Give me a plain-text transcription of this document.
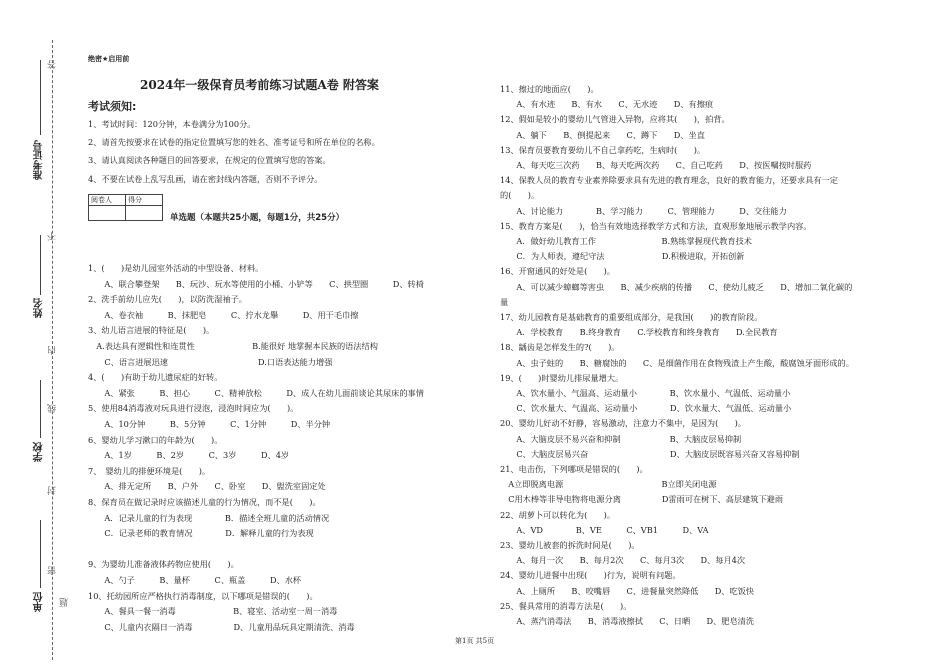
准考证号
姓名
学校
单位
答
不
内
线
封
密
题
绝密★启用前
2024年一级保育员考前练习试题A卷 附答案
考试须知:
1、考试时间：120分钟，本卷满分为100分。
2、请首先按要求在试卷的指定位置填写您的姓名、准考证号和所在单位的名称。
3、请认真阅读各种题目的回答要求，在规定的位置填写您的答案。
4、不要在试卷上乱写乱画，请在密封线内答题，否则不予评分。
阅卷人	得分

单选题（本题共25小题，每题1分，共25分）
1、(　　)是幼儿园室外活动的中型设备、材料。
　　A、联合攀登架　　B、玩沙、玩水等使用的小桶、小铲等　　C、拱型圈　　　D、转椅
2、洗手前幼儿应先(　　)，以防洗湿袖子。
　　A、卷衣袖　　　B、抹肥皂　　　C、拧水龙擧　　　D、用干毛巾擦
3、幼儿语言进展的特征是(　　)。
　A.表达具有逻辑性和连贯性　　　　　　　B.能很好 地掌握本民族的语法结构
　　C、语言进展迅速　　　　　　　　　　　D.口语表达能力增强
4、(　　)有助于幼儿遗尿症的好转。
　　A、紧张　　　B、担心　　　C、精神放松　　　D、成人在幼儿面前谈论其尿床的事情
5、使用84消毒液对玩具进行浸泡，浸泡时间应为(　　)。
　　A、10分钟　　　B、5分钟　　　C、1分钟　　　D、半分钟
6、婴幼儿学习漱口的年龄为(　　)。
　　A、1岁　　　B、2岁　　　C、3岁　　　D、4岁
7、　婴幼儿的排便环境是(　　)。
　　A、排无定所　　B、户外　　C、卧室　　D、盥洗室固定处
8、保育员在做记录时应该描述儿童的行为情况，而不是(　　)。
　　A．记录儿童的行为表现　　　　B．描述全班儿童的活动情况
　　C．记录老师的教育情况　　　　D．解释儿童的行为表现
9、为婴幼儿准备液体药物应使用(　　)。
　　A、勺子　　　B、量杯　　　C、瓶盖　　　D、水杯
10、托幼园所应严格执行消毒制度，以下哪项是错误的(　　)。
　　A、餐具一餐一消毒　　　　　　　B、寝室、活动室一周一消毒
　　C、儿童内衣隔日一消毒　　　　　D、儿童用品玩具定期清洗、消毒
11、擦过的地面应(　　)。
　　A、有水迹　　B、有水　　C、无水迹　　D、有擦痕
12、假如是较小的婴幼儿气管进入异物，应将其(　　)，拍背。
　　A、躺下　　B、倒提起来　　C、蹲下　　D、坐直
13、保育员要教育要幼儿不自己拿药吃，生病时(　　)。
　　A、每天吃三次药　　B、每天吃两次药　　C、自己吃药　　D、按医嘱按时服药
14、保教人员的教育专业素养除要求具有先进的教育理念，良好的教育能力，还要求具有一定
的(　　)。
　　A、讨论能力　　　　B、学习能力　　　C、管理能力　　　D、交往能力
15、教育方案是(　　)，恰当有效地选择教学方式和方法，直观形象地展示教学内容。
　　A．做好幼儿教育工作　　　　　　　　B.熟练掌握现代教育技术
　　C．为人师表，遵纪守法　　　　　　　D.积极进取，开拓创新
16、开窗通风的好处是(　　)。
　　A、可以减少蟑螂等害虫　　B、减少疾病的传播　　C、使幼儿疲乏　　D、增加二氧化碳的
量
17、幼儿园教育是基础教育的重要组成部分，是我国(　　)的教育阶段。
　　A．学校教育　　B.终身教育　　C.学校教育和终身教育　　D.全民教育
18、龋齿是怎样发生的?(　　)。
　　A、虫子蛀的　　B、糖腐蚀的　　C、是细菌作用在食物残渣上产生酸，酸腐蚀牙面形成的。
19、(　　)时婴幼儿排尿量增大。
　　A、饮水量小、气温高、运动量小　　　　B、饮水量小、气温低、运动量小
　　C、饮水量大、气温高、运动量小　　　　D、饮水量大、气温低、运动量小
20、婴幼儿好动不好静，容易激动，注意力不集中，是因为(　　)。
　　A、大脑皮层不易兴奋和抑制　　　　　　B、大脑皮层易抑制
　　C、大脑皮层易兴奋　　　　　　　　　　D、大脑皮层既容易兴奋又容易抑制
21、电击伤，下列哪项是错误的(　　)。
　A立即脱离电源　　　　　　　　　　　　B立即关闭电源
　C用木棒等非导电物将电源分离　　　　　D雷雨可在树下、高层建筑下避雨
22、胡萝卜可以转化为(　　)。
　　A、VD　　　　B、VE　　　C、VB1　　　D、VA
23、婴幼儿被套的拆洗时间是(　　)。
　　A、每月一次　　B、每月2次　　C、每月3次　　D、每月4次
24、婴幼儿进餐中出现(　　)行为，说明有问题。
　　A、上厕所　　B、咬嘴唇　　C、进餐量突然降低　　D、吃饭快
25、餐具常用的消毒方法是(　　)。
　　A、蒸汽消毒法　　B、消毒液擦拭　　C、日晒　　D、肥皂清洗
第1页 共5页
